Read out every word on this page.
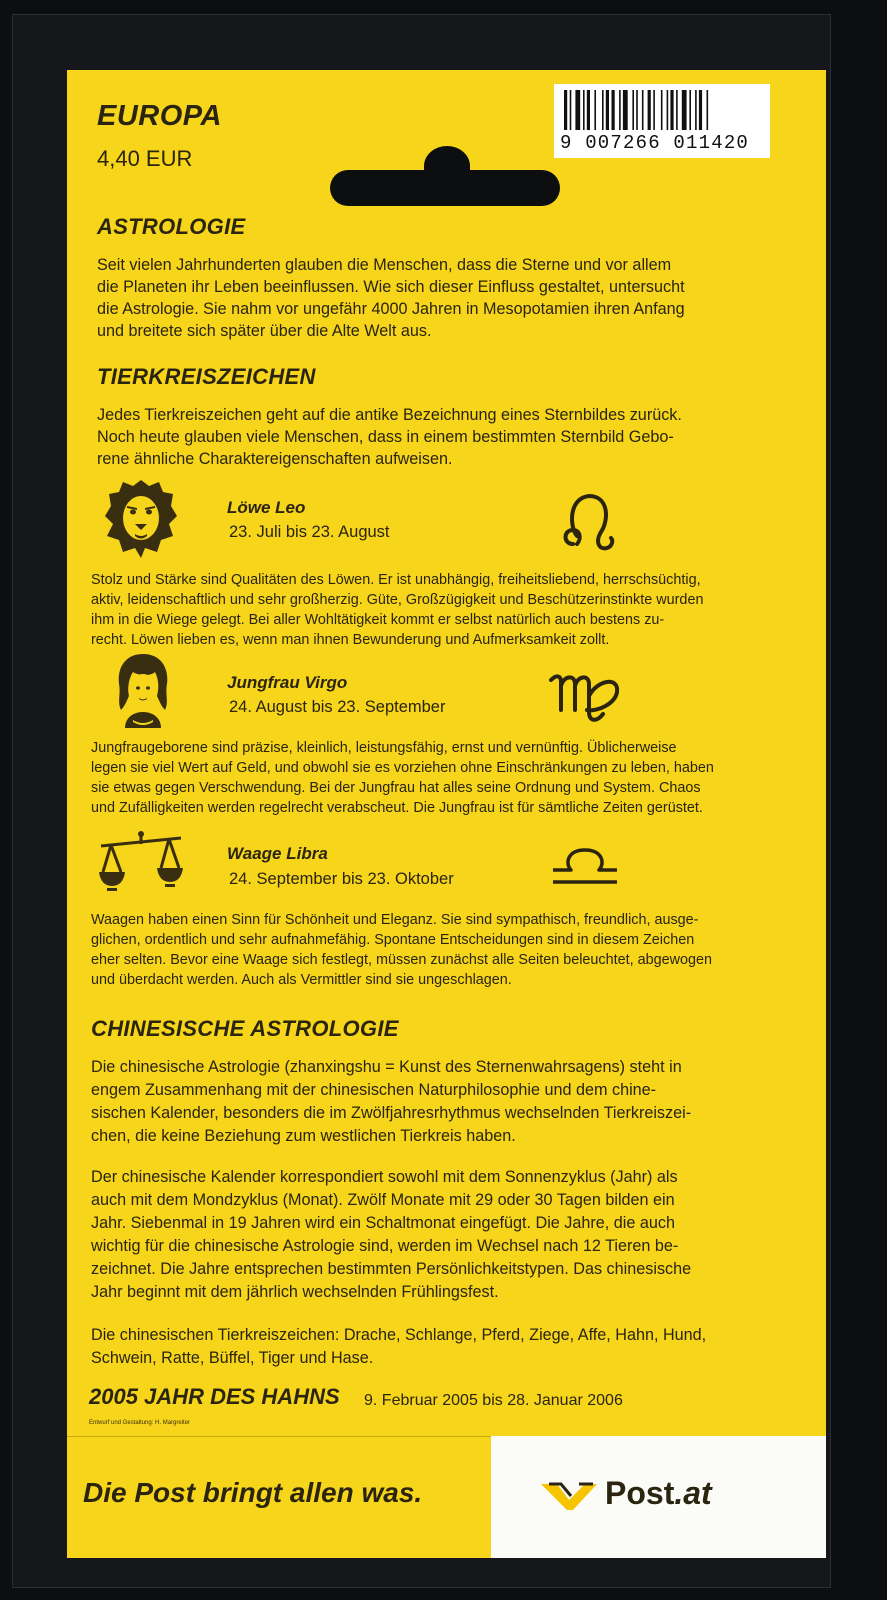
9 007266 011420
EUROPA
4,40 EUR
ASTROLOGIE
Seit vielen Jahrhunderten glauben die Menschen, dass die Sterne und vor allem
die Planeten ihr Leben beeinflussen. Wie sich dieser Einfluss gestaltet, untersucht
die Astrologie. Sie nahm vor ungefähr 4000 Jahren in Mesopotamien ihren Anfang
und breitete sich später über die Alte Welt aus.
TIERKREISZEICHEN
Jedes Tierkreiszeichen geht auf die antike Bezeichnung eines Sternbildes zurück.
Noch heute glauben viele Menschen, dass in einem bestimmten Sternbild Gebo-
rene ähnliche Charaktereigenschaften aufweisen.
Löwe Leo
23. Juli bis 23. August
Stolz und Stärke sind Qualitäten des Löwen. Er ist unabhängig, freiheitsliebend, herrschsüchtig,
aktiv, leidenschaftlich und sehr großherzig. Güte, Großzügigkeit und Beschützerinstinkte wurden
ihm in die Wiege gelegt. Bei aller Wohltätigkeit kommt er selbst natürlich auch bestens zu-
recht. Löwen lieben es, wenn man ihnen Bewunderung und Aufmerksamkeit zollt.
Jungfrau Virgo
24. August bis 23. September
Jungfraugeborene sind präzise, kleinlich, leistungsfähig, ernst und vernünftig. Üblicherweise
legen sie viel Wert auf Geld, und obwohl sie es vorziehen ohne Einschränkungen zu leben, haben
sie etwas gegen Verschwendung. Bei der Jungfrau hat alles seine Ordnung und System. Chaos
und Zufälligkeiten werden regelrecht verabscheut. Die Jungfrau ist für sämtliche Zeiten gerüstet.
Waage Libra
24. September bis 23. Oktober
Waagen haben einen Sinn für Schönheit und Eleganz. Sie sind sympathisch, freundlich, ausge-
glichen, ordentlich und sehr aufnahmefähig. Spontane Entscheidungen sind in diesem Zeichen
eher selten. Bevor eine Waage sich festlegt, müssen zunächst alle Seiten beleuchtet, abgewogen
und überdacht werden. Auch als Vermittler sind sie ungeschlagen.
CHINESISCHE ASTROLOGIE
Die chinesische Astrologie (zhanxingshu = Kunst des Sternenwahrsagens) steht in
engem Zusammenhang mit der chinesischen Naturphilosophie und dem chine-
sischen Kalender, besonders die im Zwölfjahresrhythmus wechselnden Tierkreiszei-
chen, die keine Beziehung zum westlichen Tierkreis haben.
Der chinesische Kalender korrespondiert sowohl mit dem Sonnenzyklus (Jahr) als
auch mit dem Mondzyklus (Monat). Zwölf Monate mit 29 oder 30 Tagen bilden ein
Jahr. Siebenmal in 19 Jahren wird ein Schaltmonat eingefügt. Die Jahre, die auch
wichtig für die chinesische Astrologie sind, werden im Wechsel nach 12 Tieren be-
zeichnet. Die Jahre entsprechen bestimmten Persönlichkeitstypen. Das chinesische
Jahr beginnt mit dem jährlich wechselnden Frühlingsfest.
Die chinesischen Tierkreiszeichen: Drache, Schlange, Pferd, Ziege, Affe, Hahn, Hund,
Schwein, Ratte, Büffel, Tiger und Hase.
2005 JAHR DES HAHNS 9. Februar 2005 bis 28. Januar 2006
Entwurf und Gestaltung: H. Margreiter
Die Post bringt allen was.	Post.at
